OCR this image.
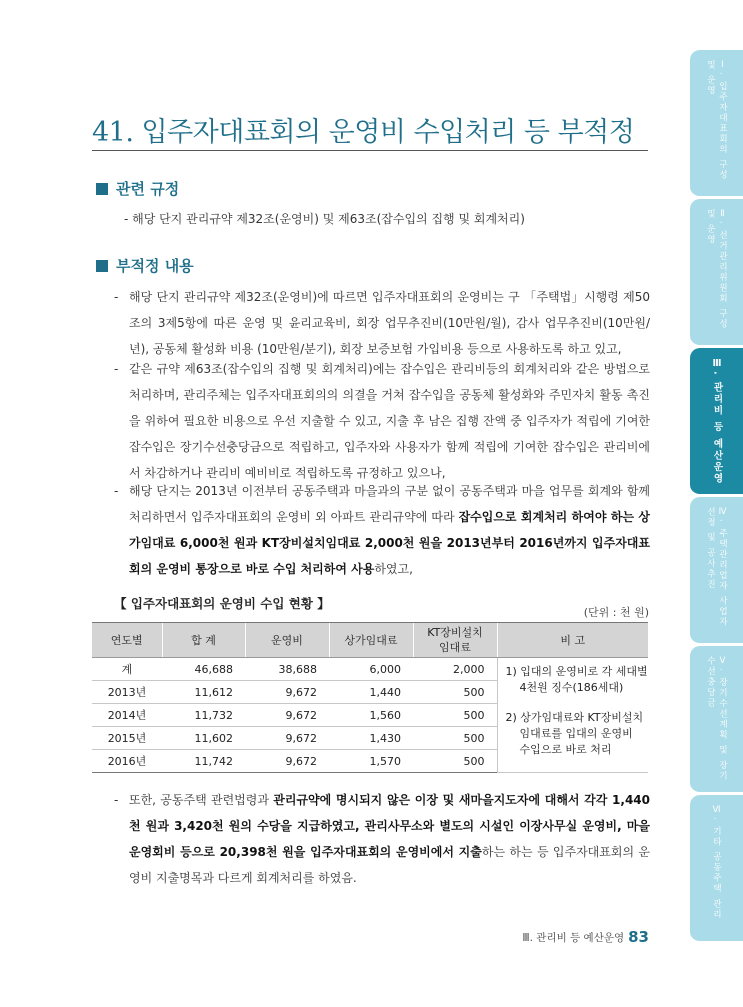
41. 입주자대표회의 운영비 수입처리 등 부적정
관련 규정
- 해당 단지 관리규약 제32조(운영비) 및 제63조(잡수입의 집행 및 회계처리)
부적정 내용
- 해당 단지 관리규약 제32조(운영비)에 따르면 입주자대표회의 운영비는 구 「주택법」시행령 제50조의 3제5항에 따른 운영 및 윤리교육비, 회장 업무추진비(10만원/월), 감사 업무추진비(10만원/년), 공동체 활성화 비용 (10만원/분기), 회장 보증보험 가입비용 등으로 사용하도록 하고 있고,
- 같은 규약 제63조(잡수입의 집행 및 회계처리)에는 잡수입은 관리비등의 회계처리와 같은 방법으로 처리하며, 관리주체는 입주자대표회의의 의결을 거쳐 잡수입을 공동체 활성화와 주민자치 활동 촉진을 위하여 필요한 비용으로 우선 지출할 수 있고, 지출 후 남은 집행 잔액 중 입주자가 적립에 기여한 잡수입은 장기수선충당금으로 적립하고, 입주자와 사용자가 함께 적립에 기여한 잡수입은 관리비에서 차감하거나 관리비 예비비로 적립하도록 규정하고 있으나,
- 해당 단지는 2013년 이전부터 공동주택과 마을과의 구분 없이 공동주택과 마을 업무를 회계와 함께 처리하면서 입주자대표회의 운영비 외 아파트 관리규약에 따라 잡수입으로 회계처리 하여야 하는 상가임대료 6,000천 원과 KT장비설치임대료 2,000천 원을 2013년부터 2016년까지 입주자대표회의 운영비 통장으로 바로 수입 처리하여 사용하였고,
【 입주자대표회의 운영비 수입 현황 】
(단위 : 천 원)
연도별	합 계	운영비	상가임대료	KT장비설치
임대료	비 고
계	46,688	38,688	6,000	2,000	1) 입대의 운영비로 각 세대별
4천원 징수(186세대)
2) 상가임대료와 KT장비설치
임대료를 입대의 운영비
수입으로 바로 처리

2013년	11,612	9,672	1,440	500	
2014년	11,732	9,672	1,560	500	
2015년	11,602	9,672	1,430	500	
2016년	11,742	9,672	1,570	500	
- 또한, 공동주택 관련법령과 관리규약에 명시되지 않은 이장 및 새마을지도자에 대해서 각각 1,440천 원과 3,420천 원의 수당을 지급하였고, 관리사무소와 별도의 시설인 이장사무실 운영비, 마을운영회비 등으로 20,398천 원을 입주자대표회의 운영비에서 지출하는 하는 등 입주자대표회의 운영비 지출명목과 다르게 회계처리를 하였음.
Ⅲ. 관리비 등 예산운영 83
Ⅰ. 입주자대표회의 구성 및 운영
Ⅱ. 선거관리위원회 구성 및 운영
Ⅲ. 관리비 등 예산운영
Ⅳ. 주택관리업자 사업자 선정 및 공사추진
Ⅴ. 장기수선계획 및 장기수선충당금
Ⅵ. 기타 공동주택 관리
